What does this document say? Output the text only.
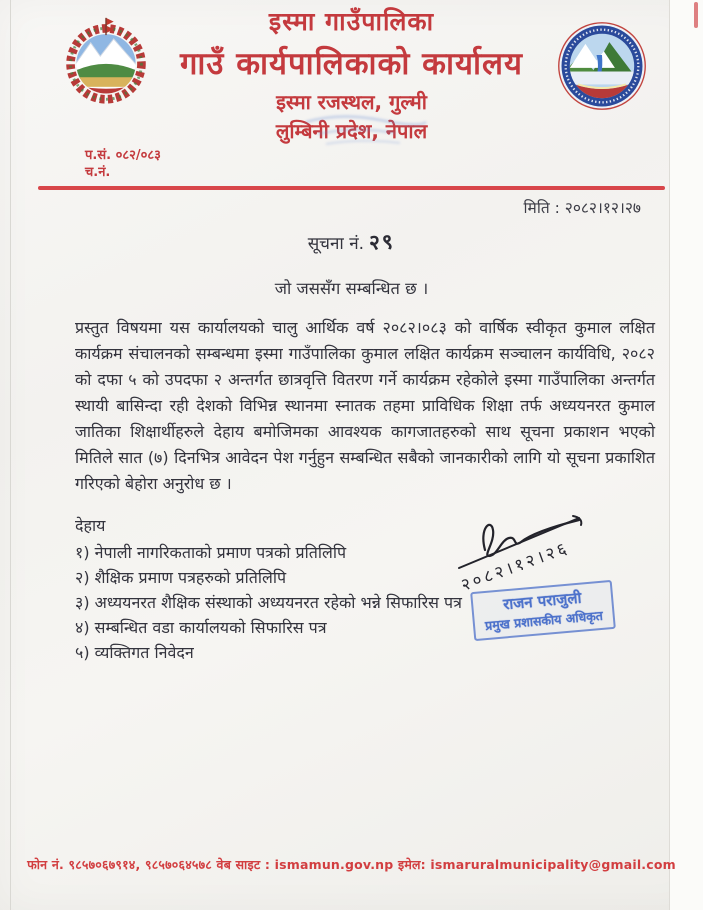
इस्मा गाउँपालिका
गाउँ कार्यपालिकाको कार्यालय
इस्मा रजस्थल, गुल्मी
लुम्बिनी प्रदेश, नेपाल
प.सं. ०८२/०८३
च.नं.
मिति : २०८२।१२।२७
सूचना नं. २९
जो जससँग सम्बन्धित छ ।

प्रस्तुत विषयमा यस कार्यालयको चालु आर्थिक वर्ष २०८२।०८३ को वार्षिक स्वीकृत कुमाल लक्षित कार्यक्रम संचालनको सम्बन्धमा इस्मा गाउँपालिका कुमाल लक्षित कार्यक्रम सञ्चालन कार्यविधि, २०८२ को दफा ५ को उपदफा २ अन्तर्गत छात्रवृत्ति वितरण गर्ने कार्यक्रम रहेकोले इस्मा गाउँपालिका अन्तर्गत स्थायी बासिन्दा रही देशको विभिन्न स्थानमा स्नातक तहमा प्राविधिक शिक्षा तर्फ अध्ययनरत कुमाल जातिका शिक्षार्थीहरुले देहाय बमोजिमका आवश्यक कागजातहरुको साथ सूचना प्रकाशन भएको मितिले सात (७) दिनभित्र आवेदन पेश गर्नुहुन सम्बन्धित सबैको जानकारीको लागि यो सूचना प्रकाशित गरिएको बेहोरा अनुरोध छ ।

देहाय
१) नेपाली नागरिकताको प्रमाण पत्रको प्रतिलिपि
२) शैक्षिक प्रमाण पत्रहरुको प्रतिलिपि
३) अध्ययनरत शैक्षिक संस्थाको अध्ययनरत रहेको भन्ने सिफारिस पत्र
४) सम्बन्धित वडा कार्यालयको सिफारिस पत्र
५) व्यक्तिगत निवेदन
२०८२।१२।२६
राजन पराजुली
प्रमुख प्रशासकीय अधिकृत
फोन नं. ९८५७०६७९१४, ९८५७०६४५७८ वेब साइट : ismamun.gov.np इमेल: ismaruralmunicipality@gmail.com
